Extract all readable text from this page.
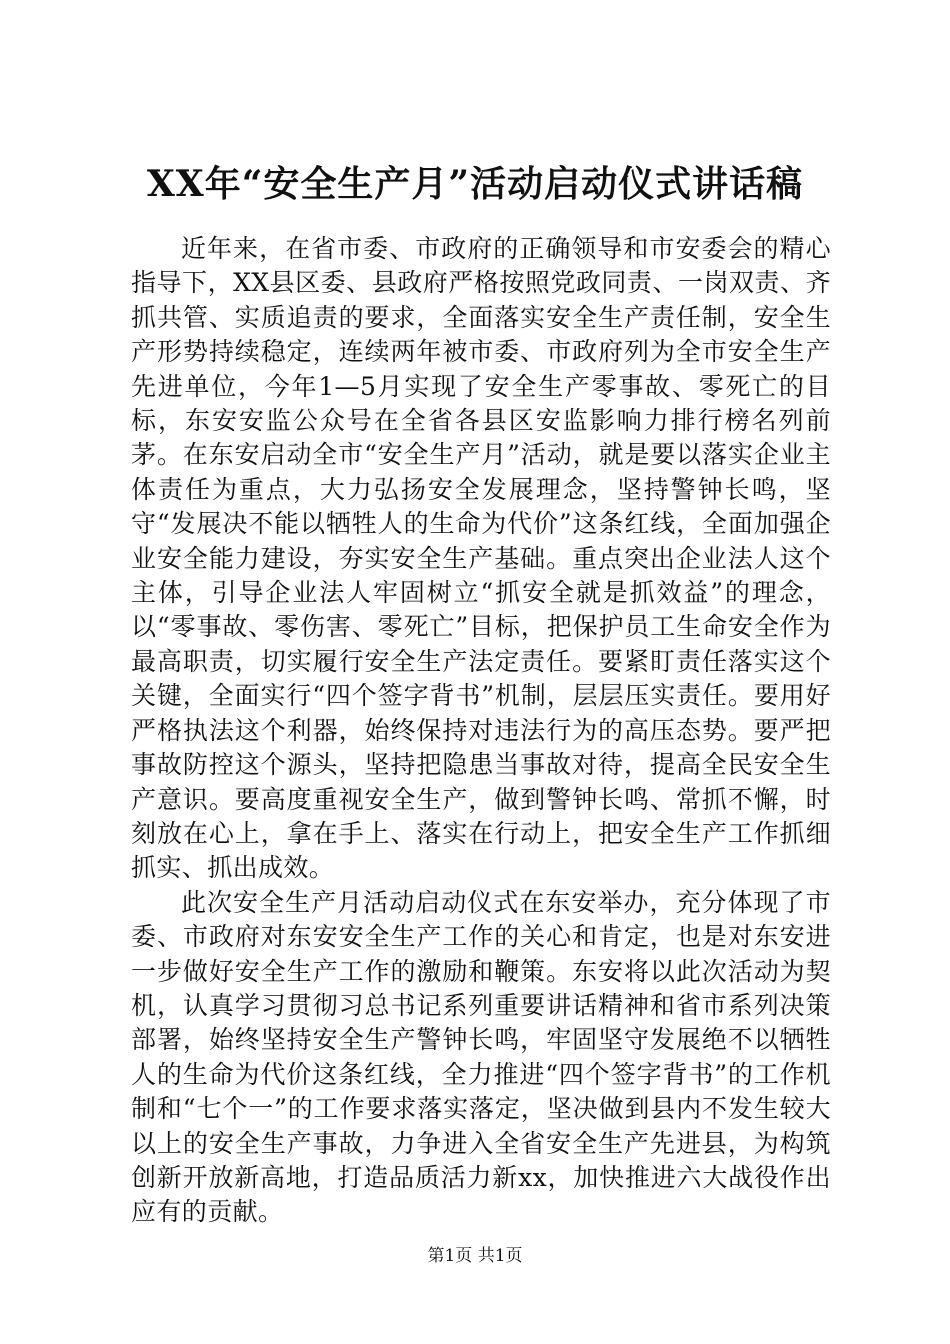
XX年“安全生产月”活动启动仪式讲话稿

近年来，在省市委、市政府的正确领导和市安委会的精心指导下，XX县区委、县政府严格按照党政同责、一岗双责、齐抓共管、实质追责的要求，全面落实安全生产责任制，安全生产形势持续稳定，连续两年被市委、市政府列为全市安全生产先进单位，今年1—5月实现了安全生产零事故、零死亡的目标，东安安监公众号在全省各县区安监影响力排行榜名列前茅。在东安启动全市“安全生产月”活动，就是要以落实企业主体责任为重点，大力弘扬安全发展理念，坚持警钟长鸣，坚守“发展决不能以牺牲人的生命为代价”这条红线，全面加强企业安全能力建设，夯实安全生产基础。重点突出企业法人这个主体，引导企业法人牢固树立“抓安全就是抓效益”的理念，以“零事故、零伤害、零死亡”目标，把保护员工生命安全作为最高职责，切实履行安全生产法定责任。要紧盯责任落实这个关键，全面实行“四个签字背书”机制，层层压实责任。要用好严格执法这个利器，始终保持对违法行为的高压态势。要严把事故防控这个源头，坚持把隐患当事故对待，提高全民安全生产意识。要高度重视安全生产，做到警钟长鸣、常抓不懈，时刻放在心上，拿在手上、落实在行动上，把安全生产工作抓细抓实、抓出成效。

此次安全生产月活动启动仪式在东安举办，充分体现了市委、市政府对东安安全生产工作的关心和肯定，也是对东安进一步做好安全生产工作的激励和鞭策。东安将以此次活动为契机，认真学习贯彻习总书记系列重要讲话精神和省市系列决策部署，始终坚持安全生产警钟长鸣，牢固坚守发展绝不以牺牲人的生命为代价这条红线，全力推进“四个签字背书”的工作机制和“七个一”的工作要求落实落定，坚决做到县内不发生较大以上的安全生产事故，力争进入全省安全生产先进县，为构筑创新开放新高地，打造品质活力新xx，加快推进六大战役作出应有的贡献。

第1页 共1页
